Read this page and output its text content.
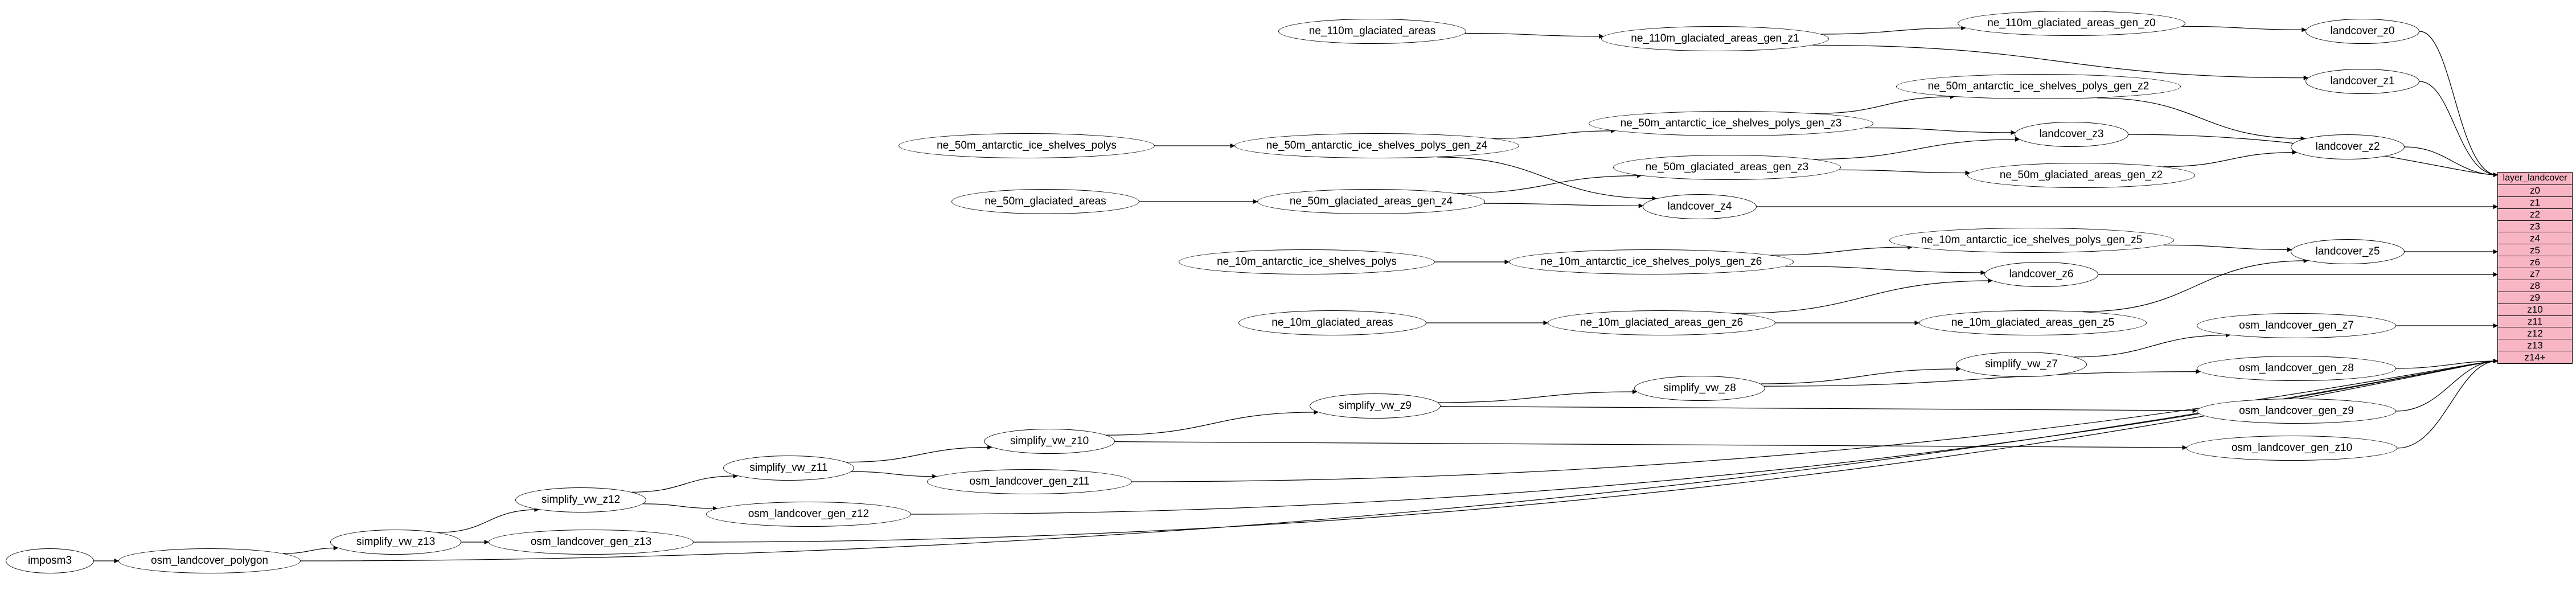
ne_110m_glaciated_areas
ne_110m_glaciated_areas_gen_z1
ne_110m_glaciated_areas_gen_z0
landcover_z0
landcover_z1
ne_50m_antarctic_ice_shelves_polys_gen_z2
ne_50m_antarctic_ice_shelves_polys	ne_50m_antarctic_ice_shelves_polys_gen_z4
ne_50m_antarctic_ice_shelves_polys_gen_z3
landcover_z3
landcover_z2
ne_50m_glaciated_areas	ne_50m_glaciated_areas_gen_z4
ne_50m_glaciated_areas_gen_z3
ne_50m_glaciated_areas_gen_z2
landcover_z4
ne_10m_antarctic_ice_shelves_polys	ne_10m_antarctic_ice_shelves_polys_gen_z6
ne_10m_antarctic_ice_shelves_polys_gen_z5
landcover_z6
landcover_z5
ne_10m_glaciated_areas	ne_10m_glaciated_areas_gen_z6	ne_10m_glaciated_areas_gen_z5	osm_landcover_gen_z7
simplify_vw_z7	osm_landcover_gen_z8
simplify_vw_z8
simplify_vw_z9	osm_landcover_gen_z9
simplify_vw_z10
osm_landcover_gen_z10
simplify_vw_z11
osm_landcover_gen_z11
simplify_vw_z12
osm_landcover_gen_z12
simplify_vw_z13	osm_landcover_gen_z13
imposm3	osm_landcover_polygon
layer_landcover
z0
z1
z2
z3
z4
z5
z6
z7
z8
z9
z10
z11
z12
z13
z14+
